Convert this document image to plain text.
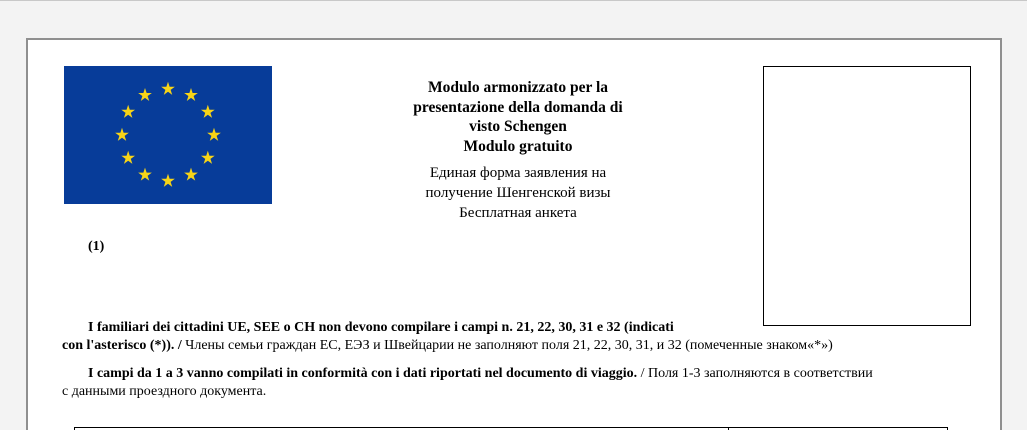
Modulo armonizzato per la
presentazione della domanda di
visto Schengen
Modulo gratuito
Единая форма заявления на
получение Шенгенской визы
Бесплатная анкета
(1)
I familiari dei cittadini UE, SEE o CH non devono compilare i campi n. 21, 22, 30, 31 e 32 (indicati
con l'asterisco (*)). / Члены семьи граждан ЕС, ЕЭЗ и Швейцарии не заполняют поля 21, 22, 30, 31, и 32 (помеченные знаком«*»)
I campi da 1 a 3 vanno compilati in conformità con i dati riportati nel documento di viaggio. / Поля 1-3 заполняются в соответствии
с данными проездного документа.
